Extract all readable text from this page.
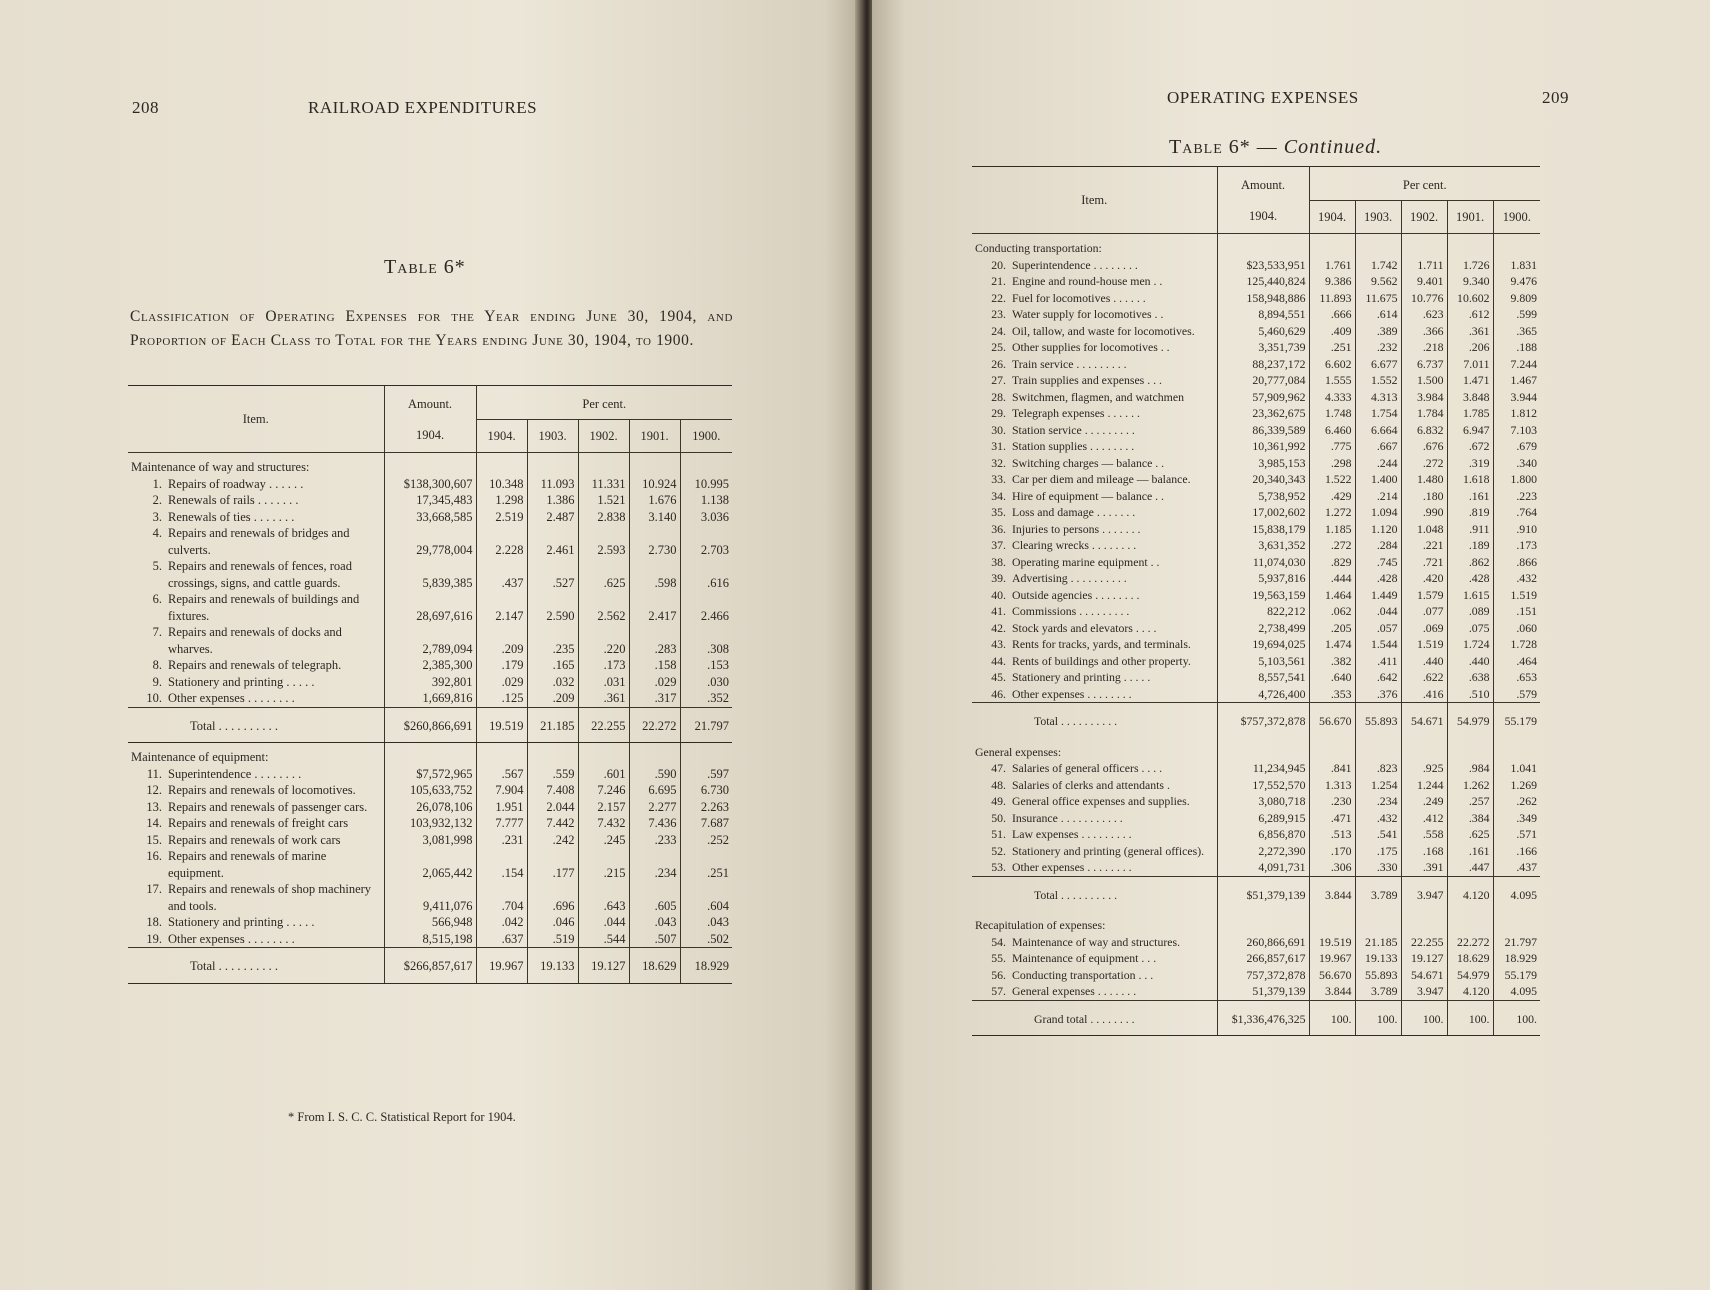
208	RAILROAD EXPENDITURES
Table 6*
Classification of Operating Expenses for the Year ending June 30, 1904, and Proportion of Each Class to Total for the Years ending June 30, 1904, to 1900.
Item.	Amount.	Per cent.				
	1904.	1904.	1903.	1902.	1901.	1900.
Maintenance of way and structures:						
1. Repairs of roadway . . . . . .	$138,300,607	10.348	11.093	11.331	10.924	10.995
2. Renewals of rails . . . . . . .	17,345,483	1.298	1.386	1.521	1.676	1.138
3. Renewals of ties . . . . . . .	33,668,585	2.519	2.487	2.838	3.140	3.036
4. Repairs and renewals of bridges and culverts.	29,778,004	2.228	2.461	2.593	2.730	2.703
5. Repairs and renewals of fences, road crossings, signs, and cattle guards.	5,839,385	.437	.527	.625	.598	.616
6. Repairs and renewals of buildings and fixtures.	28,697,616	2.147	2.590	2.562	2.417	2.466
7. Repairs and renewals of docks and wharves.	2,789,094	.209	.235	.220	.283	.308
8. Repairs and renewals of telegraph.	2,385,300	.179	.165	.173	.158	.153
9. Stationery and printing . . . . .	392,801	.029	.032	.031	.029	.030
10. Other expenses . . . . . . . .	1,669,816	.125	.209	.361	.317	.352
Total . . . . . . . . . .	$260,866,691	19.519	21.185	22.255	22.272	21.797
Maintenance of equipment:						
11. Superintendence . . . . . . . .	$7,572,965	.567	.559	.601	.590	.597
12. Repairs and renewals of locomotives.	105,633,752	7.904	7.408	7.246	6.695	6.730
13. Repairs and renewals of passenger cars.	26,078,106	1.951	2.044	2.157	2.277	2.263
14. Repairs and renewals of freight cars	103,932,132	7.777	7.442	7.432	7.436	7.687
15. Repairs and renewals of work cars	3,081,998	.231	.242	.245	.233	.252
16. Repairs and renewals of marine equipment.	2,065,442	.154	.177	.215	.234	.251
17. Repairs and renewals of shop machinery and tools.	9,411,076	.704	.696	.643	.605	.604
18. Stationery and printing . . . . .	566,948	.042	.046	.044	.043	.043
19. Other expenses . . . . . . . .	8,515,198	.637	.519	.544	.507	.502
Total . . . . . . . . . .	$266,857,617	19.967	19.133	19.127	18.629	18.929
* From I. S. C. C. Statistical Report for 1904.
OPERATING EXPENSES	209
Table 6* — Continued.
Item.	Amount.	Per cent.				
	1904.	1904.	1903.	1902.	1901.	1900.
Conducting transportation:						
20. Superintendence . . . . . . . .	$23,533,951	1.761	1.742	1.711	1.726	1.831
21. Engine and round-house men . .	125,440,824	9.386	9.562	9.401	9.340	9.476
22. Fuel for locomotives . . . . . .	158,948,886	11.893	11.675	10.776	10.602	9.809
23. Water supply for locomotives . .	8,894,551	.666	.614	.623	.612	.599
24. Oil, tallow, and waste for locomotives.	5,460,629	.409	.389	.366	.361	.365
25. Other supplies for locomotives . .	3,351,739	.251	.232	.218	.206	.188
26. Train service . . . . . . . . .	88,237,172	6.602	6.677	6.737	7.011	7.244
27. Train supplies and expenses . . .	20,777,084	1.555	1.552	1.500	1.471	1.467
28. Switchmen, flagmen, and watchmen	57,909,962	4.333	4.313	3.984	3.848	3.944
29. Telegraph expenses . . . . . .	23,362,675	1.748	1.754	1.784	1.785	1.812
30. Station service . . . . . . . . .	86,339,589	6.460	6.664	6.832	6.947	7.103
31. Station supplies . . . . . . . .	10,361,992	.775	.667	.676	.672	.679
32. Switching charges — balance . .	3,985,153	.298	.244	.272	.319	.340
33. Car per diem and mileage — balance.	20,340,343	1.522	1.400	1.480	1.618	1.800
34. Hire of equipment — balance . .	5,738,952	.429	.214	.180	.161	.223
35. Loss and damage . . . . . . .	17,002,602	1.272	1.094	.990	.819	.764
36. Injuries to persons . . . . . . .	15,838,179	1.185	1.120	1.048	.911	.910
37. Clearing wrecks . . . . . . . .	3,631,352	.272	.284	.221	.189	.173
38. Operating marine equipment . .	11,074,030	.829	.745	.721	.862	.866
39. Advertising . . . . . . . . . .	5,937,816	.444	.428	.420	.428	.432
40. Outside agencies . . . . . . . .	19,563,159	1.464	1.449	1.579	1.615	1.519
41. Commissions . . . . . . . . .	822,212	.062	.044	.077	.089	.151
42. Stock yards and elevators . . . .	2,738,499	.205	.057	.069	.075	.060
43. Rents for tracks, yards, and terminals.	19,694,025	1.474	1.544	1.519	1.724	1.728
44. Rents of buildings and other property.	5,103,561	.382	.411	.440	.440	.464
45. Stationery and printing . . . . .	8,557,541	.640	.642	.622	.638	.653
46. Other expenses . . . . . . . .	4,726,400	.353	.376	.416	.510	.579
Total . . . . . . . . . .	$757,372,878	56.670	55.893	54.671	54.979	55.179
General expenses:						
47. Salaries of general officers . . . .	11,234,945	.841	.823	.925	.984	1.041
48. Salaries of clerks and attendants .	17,552,570	1.313	1.254	1.244	1.262	1.269
49. General office expenses and supplies.	3,080,718	.230	.234	.249	.257	.262
50. Insurance . . . . . . . . . . .	6,289,915	.471	.432	.412	.384	.349
51. Law expenses . . . . . . . . .	6,856,870	.513	.541	.558	.625	.571
52. Stationery and printing (general offices).	2,272,390	.170	.175	.168	.161	.166
53. Other expenses . . . . . . . .	4,091,731	.306	.330	.391	.447	.437
Total . . . . . . . . . .	$51,379,139	3.844	3.789	3.947	4.120	4.095
Recapitulation of expenses:						
54. Maintenance of way and structures.	260,866,691	19.519	21.185	22.255	22.272	21.797
55. Maintenance of equipment . . .	266,857,617	19.967	19.133	19.127	18.629	18.929
56. Conducting transportation . . .	757,372,878	56.670	55.893	54.671	54.979	55.179
57. General expenses . . . . . . .	51,379,139	3.844	3.789	3.947	4.120	4.095
Grand total . . . . . . . .	$1,336,476,325	100.	100.	100.	100.	100.
